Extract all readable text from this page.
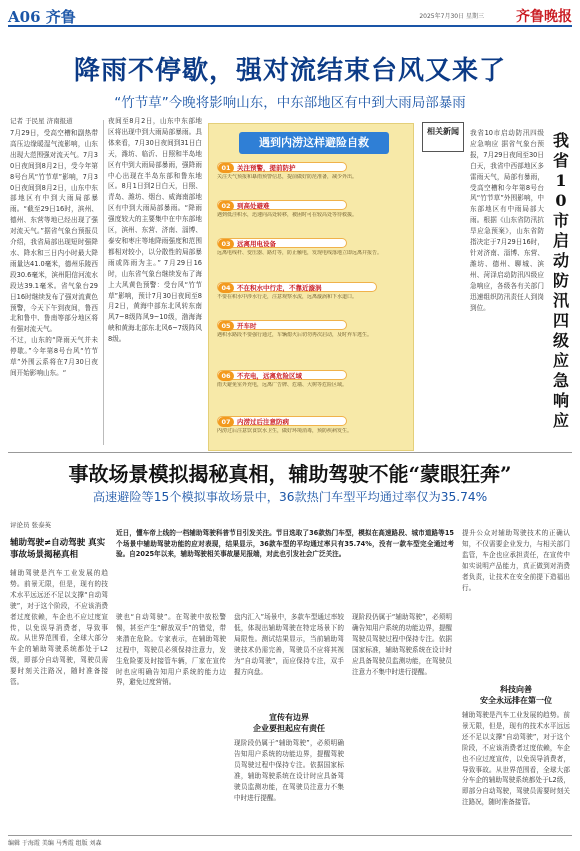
A06 齐鲁	2025年7月30日 星期三 齐鲁晚报
降雨不停歇，强对流结束台风又来了
“竹节草”今晚将影响山东，中东部地区有中到大雨局部暴雨
记者 于民星 济南报道
7月29日，受高空槽和副热带高压边缘暖湿气流影响，山东出现大范围强对流天气。7月30日夜间到8月2日，受今年第8号台风“竹节草”影响，7月30日夜间到8月2日，山东中东部地区有中到大雨局部暴雨。“截至29日16时，滨州、德州、东营等地已经出现了强对流天气。”据省气象台预报员介绍，我省局部出现短时强降水、降水和三日内小时最大降雨量达41.0毫米，德州乐陵西段30.6毫米，滨州阳信河流水段达39.1毫米。省气象台29日16时继续发布了强对流黄色预警，今天下午到夜间，鲁西北和鲁中、鲁南等部分地区将有强对流天气。
不过，山东的“降雨天气并未停歇。”今年第8号台风“竹节草”外围云系将在7月30日夜间开始影响山东。“
夜间至8月2日，山东中东部地区将出现中到大雨局部暴雨。具体来看，7月30日夜间到31日白天，潍坊、临沂、日照和半岛地区有中到大雨局部暴雨，强降雨中心出现在半岛东部和鲁东地区。8月1日到2日白天，日照、青岛、潍坊、烟台、威海南部地区有中到大雨局部暴雨。“降雨强度较大的主要集中在中东部地区，滨州、东营、济南、淄博、泰安和枣庄等地降雨强度和范围都相对较小，以分散性的局部暴雨或阵雨为主。” 7月29日16时，山东省气象台继续发布了海上大风黄色预警：受台风“竹节草”影响，预计7月30日夜间至8月2日，黄海中部东北风转东南风7~8级阵风9~10级，渤海海峡和黄海北部东北风6~7级阵风8级。
遇到内涝这样避险自救
01 关注预警，提前防护
关注天气预报和暴雨预警信息，提前做好防范准备，减少外出。
02 到高处避难
遇到低洼积水，迅速向高处转移，被困时可在较高处等待救援。
03 远离用电设备
远离电线杆、变压器、路灯等，防止触电，发现电线落地立即远离并报告。
04 不在积水中行走，不靠近漩涡
不要在积水中涉水行走，注意观察水流，远离漩涡和下水道口。
05 开车时
遇积水路段不要强行通过，车辆熄火后切勿再次启动，及时弃车逃生。
06 不充电，远离危险区域
雨天避免室外充电，远离广告牌、危墙、大树等危险区域。
07 内涝过后注意防病
内涝过后注意饮食饮水卫生，做好环境消毒，预防疾病发生。
相关新闻	我省10市启动防汛四级应急响应 据省气象台预报，7月29日夜间至30日白天，我省中西部地区多雷雨天气，局部有暴雨，受高空槽和今年第8号台风“竹节草”外围影响，中东部地区有中雨局部大雨。根据《山东省防汛抗旱应急预案》，山东省防指决定于7月29日16时，针对济南、淄博、东营、潍坊、德州、聊城、滨州、菏泽启动防汛四级应急响应，各级各有关部门迅速组织防汛责任人到岗到位。
我省10市启动防汛四级应急响应
事故场景模拟揭秘真相，辅助驾驶不能“蒙眼狂奔”
高速避险等15个模拟事故场景中，36款热门车型平均通过率仅为35.74%
评论员 张泰英
辅助驾驶≠自动驾驶 真实事故场景揭秘真相
近日，懂车帝上线的一档辅助驾驶科普节目引发关注。节目选取了36款热门车型，模拟在高速路段、城市道路等15个场景中辅助驾驶功能的应对表现，结果显示，36款车型的平均通过率只有35.74%，没有一款车型完全通过考验。自2025年以来，辅助驾驶相关事故屡见报端，对此也引发社会广泛关注。
辅助驾驶是汽车工业发展的趋势。前景无限，但是，现有的技术水平远远还不足以支撑“自动驾驶”，对于这个阶段，不应该消费者过度依赖，车企也不应过度宣传，以免误导消费者，导致事故。从世界范围看，全球大部分车企的辅助驾驶系统都处于L2级，即部分自动驾驶，驾驶员需要时刻关注路况，随时准备接管。
驶也“自动驾驶”。在驾驶中放松警惕，甚至产生“解放双手”的错觉，带来潜在危险。专家表示，在辅助驾驶过程中，驾驶员必须保持注意力，发生危险要及时接管车辆，厂家在宣传时也应明确告知用户系统的能力边界，避免过度营销。
盘内汇入”场景中，多款车型通过率较低，体现出辅助驾驶在特定场景下的局限性。测试结果显示，当前辅助驾驶技术仍需完善，驾驶员不应将其视为“自动驾驶”，而应保持专注，双手握方向盘。
宣传有边界
企业要担起应有责任
现阶段仍属于“辅助驾驶”，必须明确告知用户系统的功能边界，提醒驾驶员驾驶过程中保持专注。依据国家标准，辅助驾驶系统在设计时应具备驾驶员监测功能，在驾驶员注意力不集中时进行提醒。
现阶段仍属于“辅助驾驶”，必须明确告知用户系统的功能边界，提醒驾驶员驾驶过程中保持专注。依据国家标准，辅助驾驶系统在设计时应具备驾驶员监测功能，在驾驶员注意力不集中时进行提醒。
提升公众对辅助驾驶技术的正确认知，不仅需要企业发力，与相关部门监管，车企也应承担责任，在宣传中如实说明产品能力，真正做到对消费者负责，让技术在安全前提下造福出行。
科技向善
安全永远排在第一位
辅助驾驶是汽车工业发展的趋势。前景无限，但是，现有的技术水平远远还不足以支撑“自动驾驶”，对于这个阶段，不应该消费者过度依赖，车企也不应过度宣传，以免误导消费者，导致事故。从世界范围看，全球大部分车企的辅助驾驶系统都处于L2级，即部分自动驾驶，驾驶员需要时刻关注路况，随时准备接管。
编辑 于海霞 美编 马秀霞 组版 刘森
